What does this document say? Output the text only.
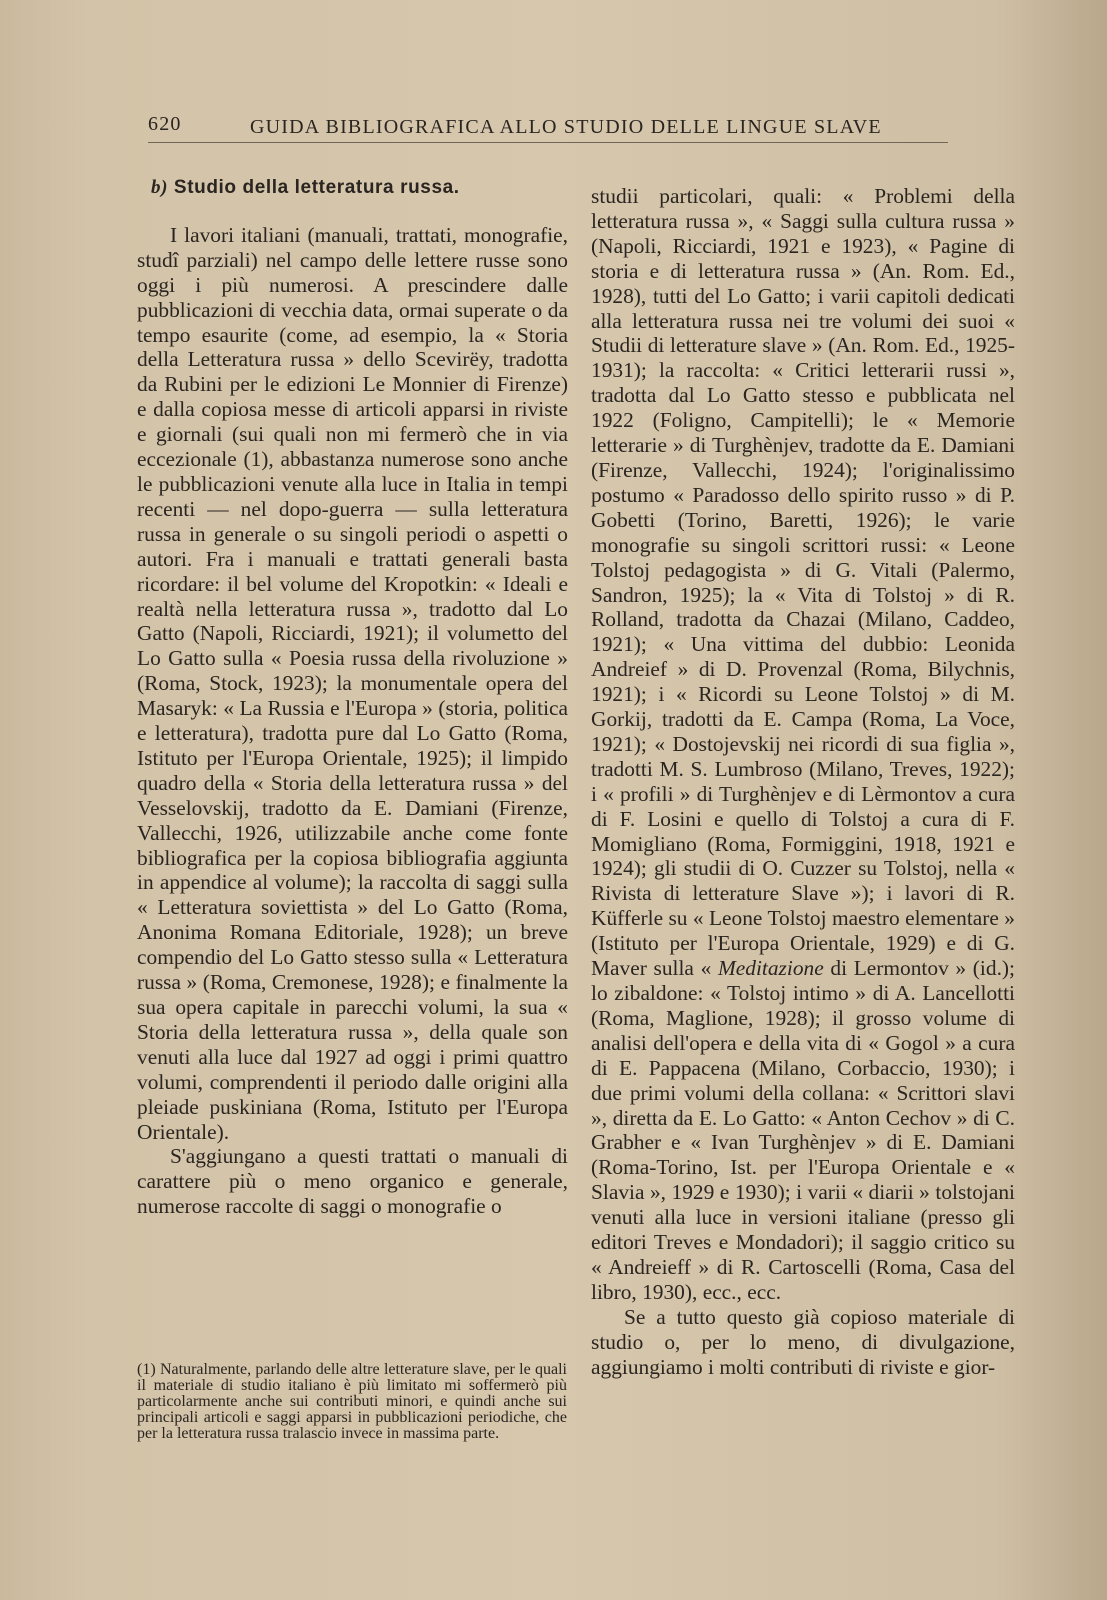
620	GUIDA BIBLIOGRAFICA ALLO STUDIO DELLE LINGUE SLAVE

b) Studio della letteratura russa.

I lavori italiani (manuali, trattati, monografie, studî parziali) nel campo delle lettere russe sono oggi i più numerosi. A prescindere dalle pubblicazioni di vecchia data, ormai superate o da tempo esaurite (come, ad esempio, la « Storia della Letteratura russa » dello Scevirëy, tradotta da Rubini per le edizioni Le Monnier di Firenze) e dalla copiosa messe di articoli apparsi in riviste e giornali (sui quali non mi fermerò che in via eccezionale (1), abbastanza numerose sono anche le pubblicazioni venute alla luce in Italia in tempi recenti — nel dopo-guerra — sulla letteratura russa in generale o su singoli periodi o aspetti o autori. Fra i manuali e trattati generali basta ricordare: il bel volume del Kropotkin: « Ideali e realtà nella letteratura russa », tradotto dal Lo Gatto (Napoli, Ricciardi, 1921); il volumetto del Lo Gatto sulla « Poesia russa della rivoluzione » (Roma, Stock, 1923); la monumentale opera del Masaryk: « La Russia e l'Europa » (storia, politica e letteratura), tradotta pure dal Lo Gatto (Roma, Istituto per l'Europa Orientale, 1925); il limpido quadro della « Storia della letteratura russa » del Vesselovskij, tradotto da E. Damiani (Firenze, Vallecchi, 1926, utilizzabile anche come fonte bibliografica per la copiosa bibliografia aggiunta in appendice al volume); la raccolta di saggi sulla « Letteratura soviettista » del Lo Gatto (Roma, Anonima Romana Editoriale, 1928); un breve compendio del Lo Gatto stesso sulla « Letteratura russa » (Roma, Cremonese, 1928); e finalmente la sua opera capitale in parecchi volumi, la sua « Storia della letteratura russa », della quale son venuti alla luce dal 1927 ad oggi i primi quattro volumi, comprendenti il periodo dalle origini alla pleiade puskiniana (Roma, Istituto per l'Europa Orientale).

S'aggiungano a questi trattati o manuali di carattere più o meno organico e generale, numerose raccolte di saggi o monografie o

(1) Naturalmente, parlando delle altre letterature slave, per le quali il materiale di studio italiano è più limitato mi soffermerò più particolarmente anche sui contributi minori, e quindi anche sui principali articoli e saggi apparsi in pubblicazioni periodiche, che per la letteratura russa tralascio invece in massima parte.

studii particolari, quali: « Problemi della letteratura russa », « Saggi sulla cultura russa » (Napoli, Ricciardi, 1921 e 1923), « Pagine di storia e di letteratura russa » (An. Rom. Ed., 1928), tutti del Lo Gatto; i varii capitoli dedicati alla letteratura russa nei tre volumi dei suoi « Studii di letterature slave » (An. Rom. Ed., 1925-1931); la raccolta: « Critici letterarii russi », tradotta dal Lo Gatto stesso e pubblicata nel 1922 (Foligno, Campitelli); le « Memorie letterarie » di Turghènjev, tradotte da E. Damiani (Firenze, Vallecchi, 1924); l'originalissimo postumo « Paradosso dello spirito russo » di P. Gobetti (Torino, Baretti, 1926); le varie monografie su singoli scrittori russi: « Leone Tolstoj pedagogista » di G. Vitali (Palermo, Sandron, 1925); la « Vita di Tolstoj » di R. Rolland, tradotta da Chazai (Milano, Caddeo, 1921); « Una vittima del dubbio: Leonida Andreief » di D. Provenzal (Roma, Bilychnis, 1921); i « Ricordi su Leone Tolstoj » di M. Gorkij, tradotti da E. Campa (Roma, La Voce, 1921); « Dostojevskij nei ricordi di sua figlia », tradotti M. S. Lumbroso (Milano, Treves, 1922); i « profili » di Turghènjev e di Lèrmontov a cura di F. Losini e quello di Tolstoj a cura di F. Momigliano (Roma, Formiggini, 1918, 1921 e 1924); gli studii di O. Cuzzer su Tolstoj, nella « Rivista di letterature Slave »); i lavori di R. Küfferle su « Leone Tolstoj maestro elementare » (Istituto per l'Europa Orientale, 1929) e di G. Maver sulla « Meditazione di Lermontov » (id.); lo zibaldone: « Tolstoj intimo » di A. Lancellotti (Roma, Maglione, 1928); il grosso volume di analisi dell'opera e della vita di « Gogol » a cura di E. Pappacena (Milano, Corbaccio, 1930); i due primi volumi della collana: « Scrittori slavi », diretta da E. Lo Gatto: « Anton Cechov » di C. Grabher e « Ivan Turghènjev » di E. Damiani (Roma-Torino, Ist. per l'Europa Orientale e « Slavia », 1929 e 1930); i varii « diarii » tolstojani venuti alla luce in versioni italiane (presso gli editori Treves e Mondadori); il saggio critico su « Andreieff » di R. Cartoscelli (Roma, Casa del libro, 1930), ecc., ecc.

Se a tutto questo già copioso materiale di studio o, per lo meno, di divulgazione, aggiungiamo i molti contributi di riviste e gior-
